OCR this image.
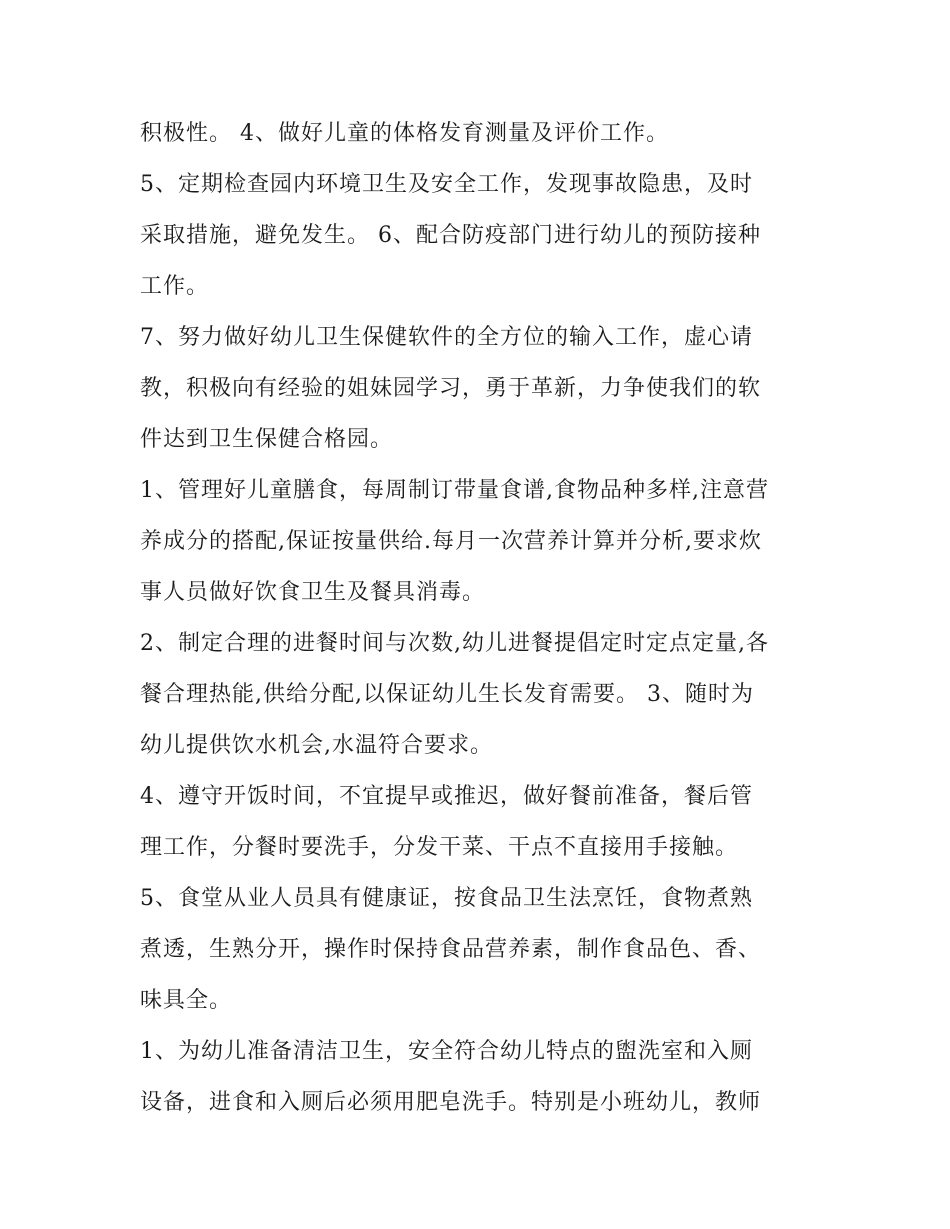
积极性。 4、做好儿童的体格发育测量及评价工作。
5、定期检查园内环境卫生及安全工作，发现事故隐患，及时
采取措施，避免发生。 6、配合防疫部门进行幼儿的预防接种
工作。
7、努力做好幼儿卫生保健软件的全方位的输入工作，虚心请
教，积极向有经验的姐妹园学习，勇于革新，力争使我们的软
件达到卫生保健合格园。
1、管理好儿童膳食，每周制订带量食谱,食物品种多样,注意营
养成分的搭配,保证按量供给.每月一次营养计算并分析,要求炊
事人员做好饮食卫生及餐具消毒。
2、制定合理的进餐时间与次数,幼儿进餐提倡定时定点定量,各
餐合理热能,供给分配,以保证幼儿生长发育需要。 3、随时为
幼儿提供饮水机会,水温符合要求。
4、遵守开饭时间，不宜提早或推迟，做好餐前准备，餐后管
理工作，分餐时要洗手，分发干菜、干点不直接用手接触。
5、食堂从业人员具有健康证，按食品卫生法烹饪，食物煮熟
煮透，生熟分开，操作时保持食品营养素，制作食品色、香、
味具全。
1、为幼儿准备清洁卫生，安全符合幼儿特点的盥洗室和入厕
设备，进食和入厕后必须用肥皂洗手。特别是小班幼儿，教师
